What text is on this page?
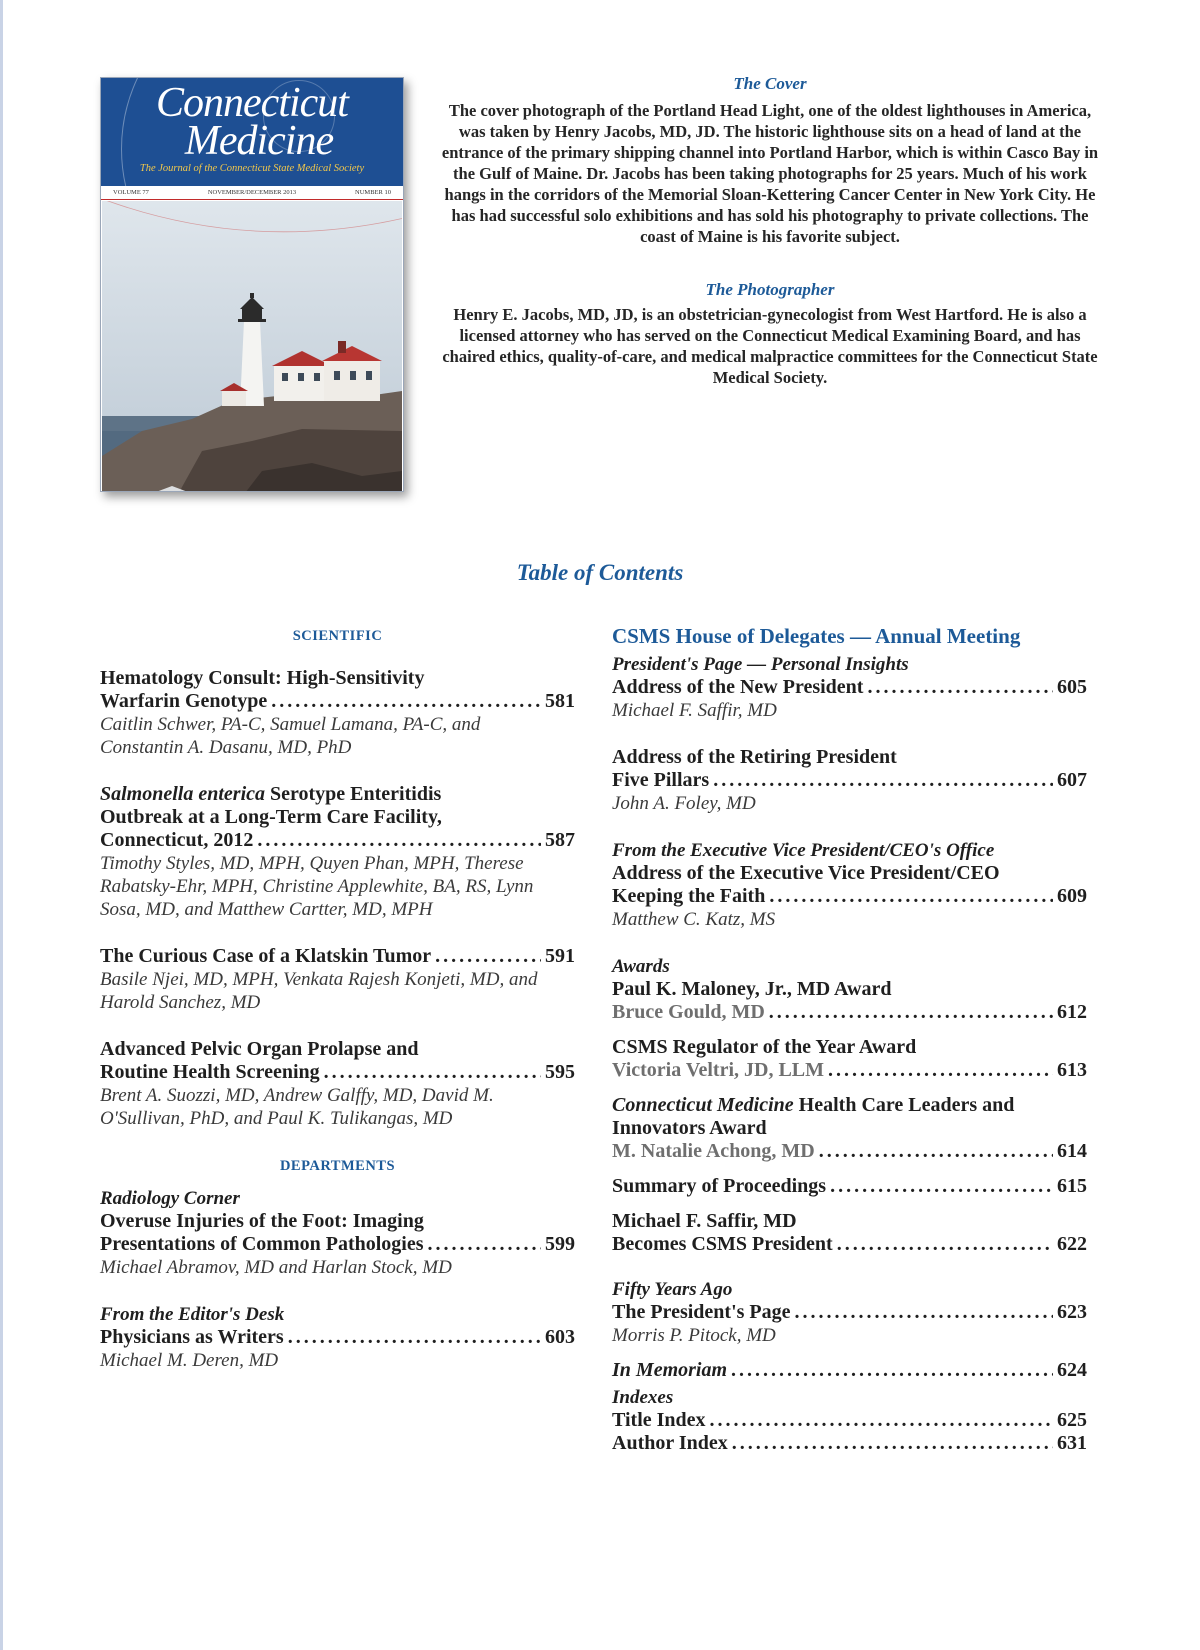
Connecticut
Medicine
The Journal of the Connecticut State Medical Society
VOLUME 77	NOVEMBER/DECEMBER 2013	NUMBER 10
The Cover
The cover photograph of the Portland Head Light, one of the oldest lighthouses in America, was taken by Henry Jacobs, MD, JD. The historic lighthouse sits on a head of land at the entrance of the primary shipping channel into Portland Harbor, which is within Casco Bay in the Gulf of Maine. Dr. Jacobs has been taking photographs for 25 years. Much of his work hangs in the corridors of the Memorial Sloan-Kettering Cancer Center in New York City. He has had successful solo exhibitions and has sold his photography to private collections. The coast of Maine is his favorite subject.
The Photographer
Henry E. Jacobs, MD, JD, is an obstetrician-gynecologist from West Hartford. He is also a licensed attorney who has served on the Connecticut Medical Examining Board, and has chaired ethics, quality-of-care, and medical malpractice committees for the Connecticut State Medical Society.
Table of Contents
SCIENTIFIC
Hematology Consult: High-Sensitivity
Warfarin Genotype .....	581
Caitlin Schwer, PA-C, Samuel Lamana, PA-C, and
Constantin A. Dasanu, MD, PhD
Salmonella enterica Serotype Enteritidis
Outbreak at a Long-Term Care Facility,
Connecticut, 2012 .....	587
Timothy Styles, MD, MPH, Quyen Phan, MPH, Therese
Rabatsky-Ehr, MPH, Christine Applewhite, BA, RS, Lynn
Sosa, MD, and Matthew Cartter, MD, MPH
The Curious Case of a Klatskin Tumor .....	591
Basile Njei, MD, MPH, Venkata Rajesh Konjeti, MD, and
Harold Sanchez, MD
Advanced Pelvic Organ Prolapse and
Routine Health Screening .....	595
Brent A. Suozzi, MD, Andrew Galffy, MD, David M.
O'Sullivan, PhD, and Paul K. Tulikangas, MD
DEPARTMENTS
Radiology Corner
Overuse Injuries of the Foot: Imaging
Presentations of Common Pathologies .....	599
Michael Abramov, MD and Harlan Stock, MD
From the Editor's Desk
Physicians as Writers .....	603
Michael M. Deren, MD
CSMS House of Delegates — Annual Meeting
President's Page — Personal Insights
Address of the New President .....	605
Michael F. Saffir, MD
Address of the Retiring President
Five Pillars .....	607
John A. Foley, MD
From the Executive Vice President/CEO's Office
Address of the Executive Vice President/CEO
Keeping the Faith .....	609
Matthew C. Katz, MS
Awards
Paul K. Maloney, Jr., MD Award
Bruce Gould, MD .....	612
CSMS Regulator of the Year Award
Victoria Veltri, JD, LLM .....	613
Connecticut Medicine Health Care Leaders and
Innovators Award
M. Natalie Achong, MD .....	614
Summary of Proceedings .....	615
Michael F. Saffir, MD
Becomes CSMS President .....	622
Fifty Years Ago
The President's Page .....	623
Morris P. Pitock, MD
In Memoriam .....	624
Indexes
Title Index .....	625
Author Index .....	631
